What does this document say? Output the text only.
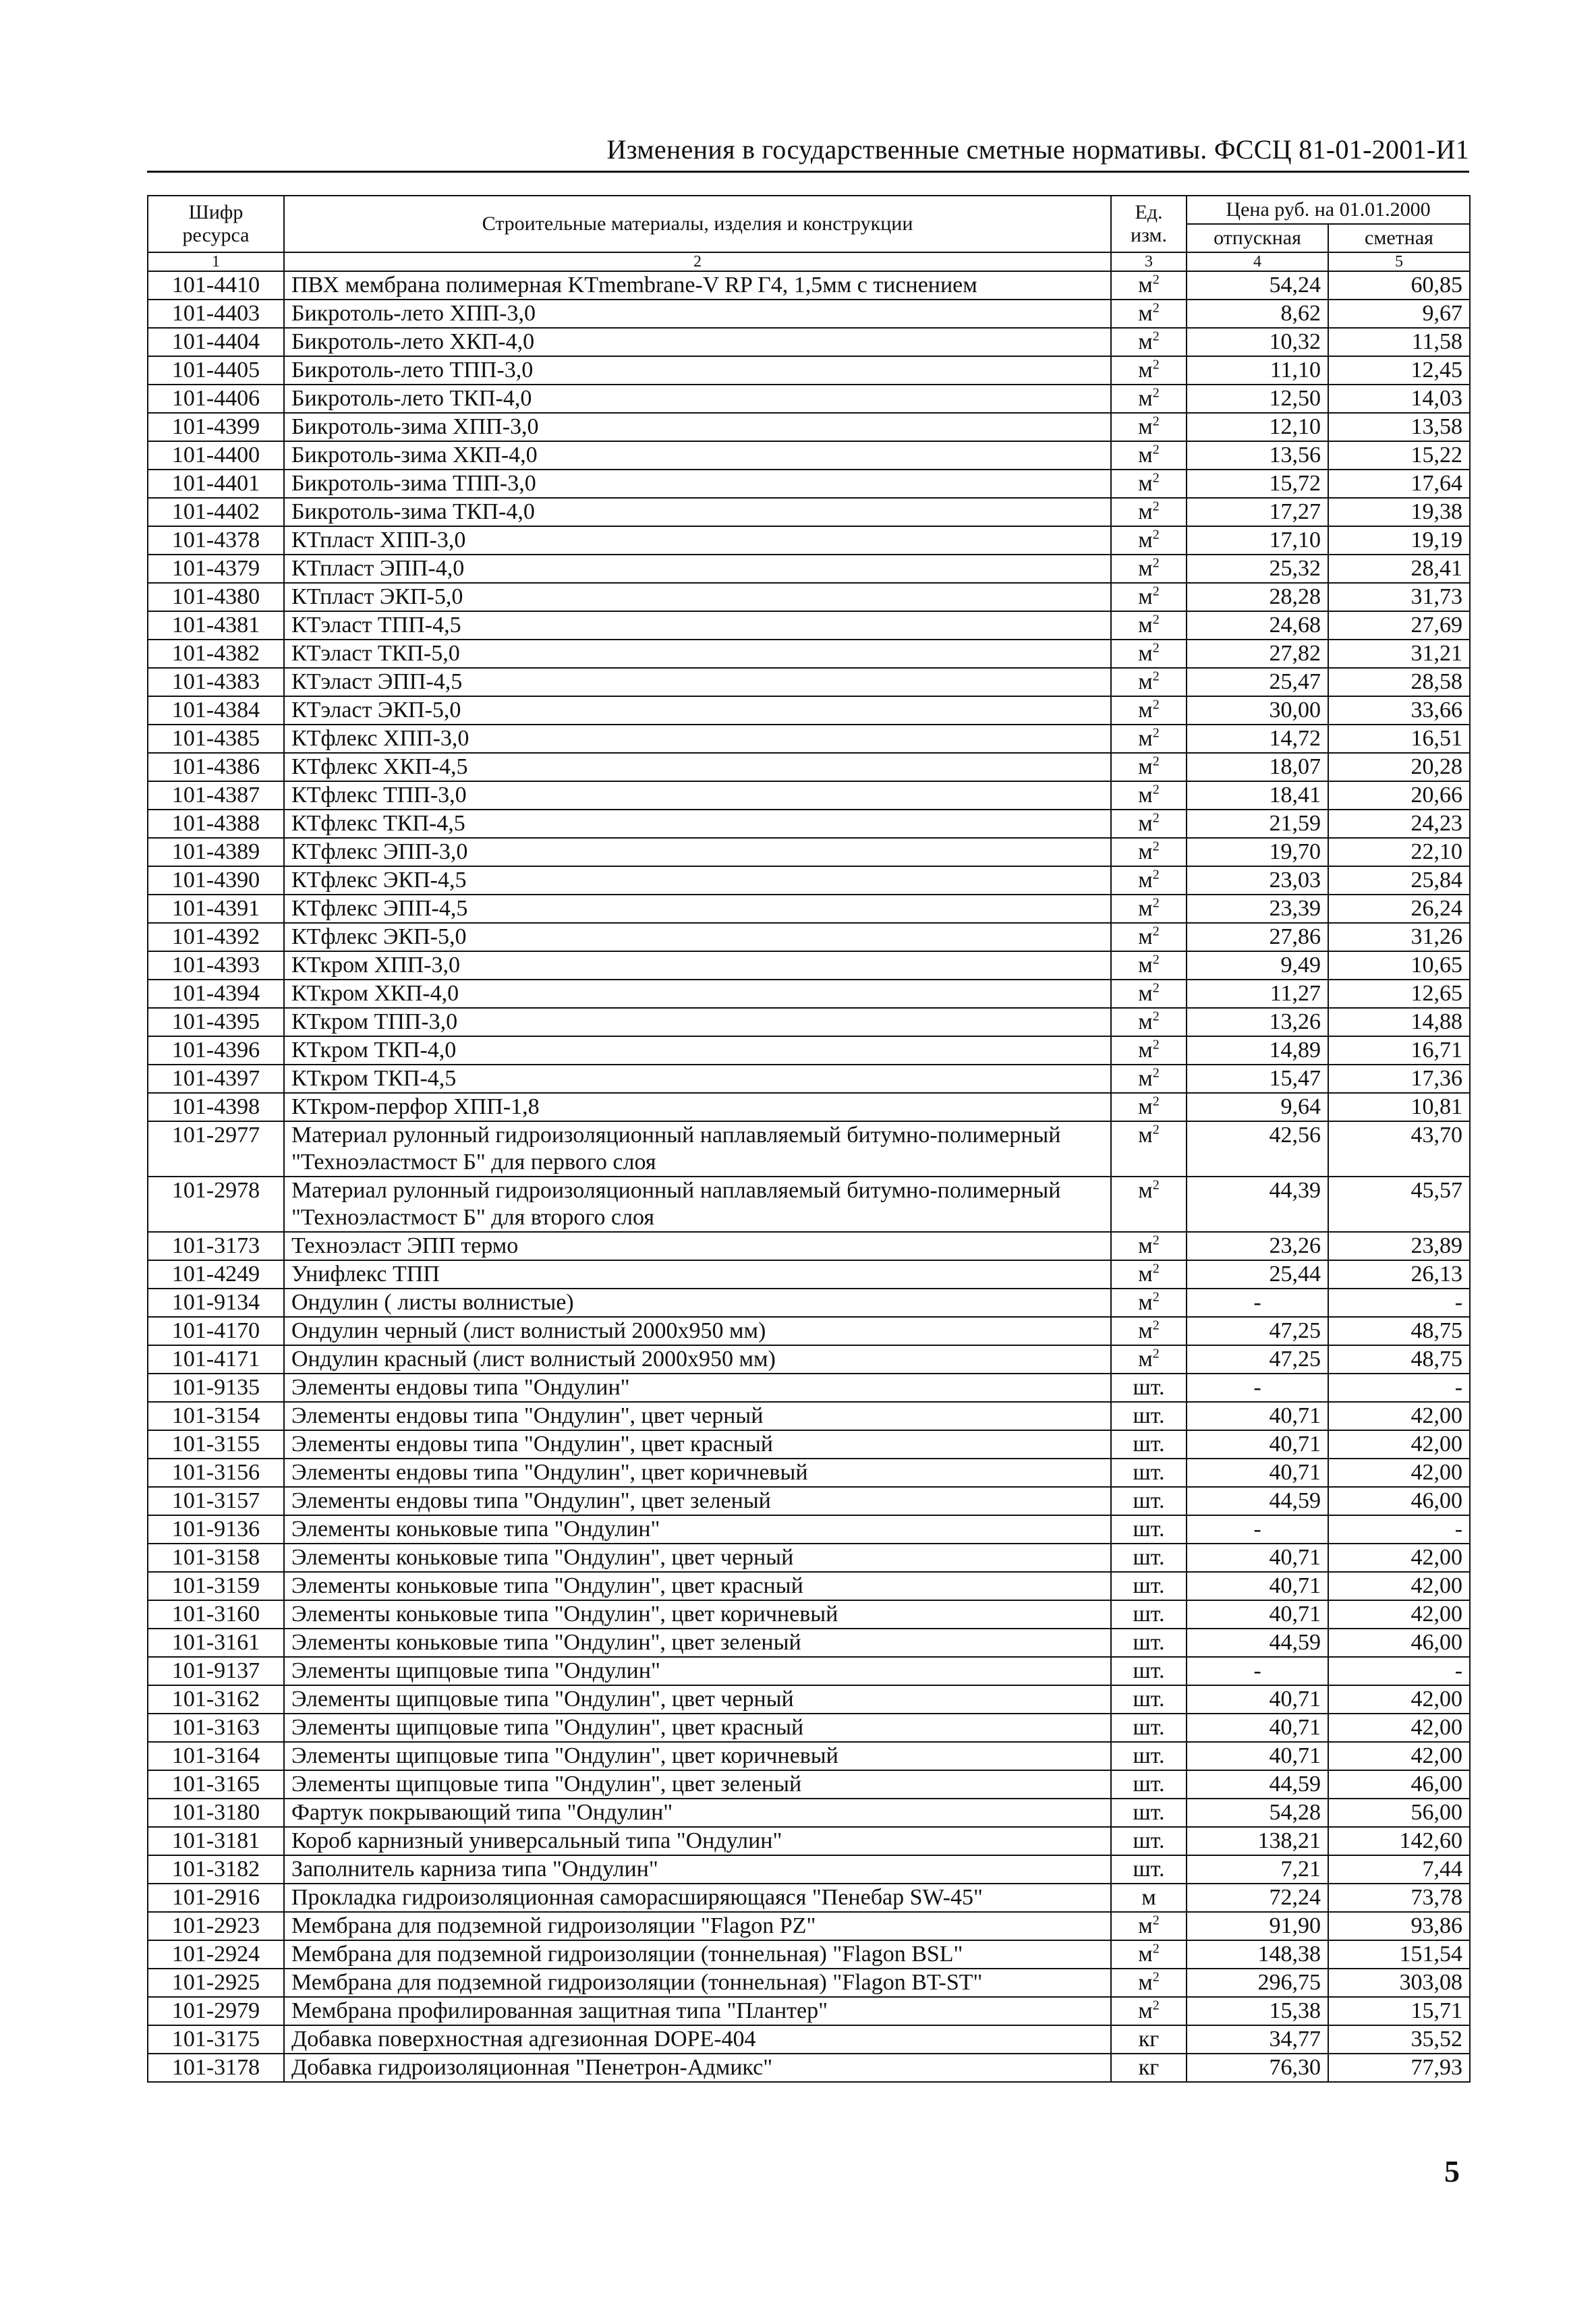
Изменения в государственные сметные нормативы. ФССЦ 81-01-2001-И1
Шифр ресурса	Строительные материалы, изделия и конструкции	Ед. изм.	Цена руб. на 01.01.2000	
			отпускная	сметная
1	2	3	4	5
101-4410	ПВХ мембрана полимерная KTmembrane-V RP Г4, 1,5мм с тиснением	$м^2$	54,24	60,85
101-4403	Бикротоль-лето ХПП-3,0	$м^2$	8,62	9,67
101-4404	Бикротоль-лето ХКП-4,0	$м^2$	10,32	11,58
101-4405	Бикротоль-лето ТПП-3,0	$м^2$	11,10	12,45
101-4406	Бикротоль-лето ТКП-4,0	$м^2$	12,50	14,03
101-4399	Бикротоль-зима ХПП-3,0	$м^2$	12,10	13,58
101-4400	Бикротоль-зима ХКП-4,0	$м^2$	13,56	15,22
101-4401	Бикротоль-зима ТПП-3,0	$м^2$	15,72	17,64
101-4402	Бикротоль-зима ТКП-4,0	$м^2$	17,27	19,38
101-4378	КТпласт ХПП-3,0	$м^2$	17,10	19,19
101-4379	КТпласт ЭПП-4,0	$м^2$	25,32	28,41
101-4380	КТпласт ЭКП-5,0	$м^2$	28,28	31,73
101-4381	КТэласт ТПП-4,5	$м^2$	24,68	27,69
101-4382	КТэласт ТКП-5,0	$м^2$	27,82	31,21
101-4383	КТэласт ЭПП-4,5	$м^2$	25,47	28,58
101-4384	КТэласт ЭКП-5,0	$м^2$	30,00	33,66
101-4385	КТфлекс ХПП-3,0	$м^2$	14,72	16,51
101-4386	КТфлекс ХКП-4,5	$м^2$	18,07	20,28
101-4387	КТфлекс ТПП-3,0	$м^2$	18,41	20,66
101-4388	КТфлекс ТКП-4,5	$м^2$	21,59	24,23
101-4389	КТфлекс ЭПП-3,0	$м^2$	19,70	22,10
101-4390	КТфлекс ЭКП-4,5	$м^2$	23,03	25,84
101-4391	КТфлекс ЭПП-4,5	$м^2$	23,39	26,24
101-4392	КТфлекс ЭКП-5,0	$м^2$	27,86	31,26
101-4393	КТкром ХПП-3,0	$м^2$	9,49	10,65
101-4394	КТкром ХКП-4,0	$м^2$	11,27	12,65
101-4395	КТкром ТПП-3,0	$м^2$	13,26	14,88
101-4396	КТкром ТКП-4,0	$м^2$	14,89	16,71
101-4397	КТкром ТКП-4,5	$м^2$	15,47	17,36
101-4398	КТкром-перфор ХПП-1,8	$м^2$	9,64	10,81
101-2977	Материал рулонный гидроизоляционный наплавляемый битумно-полимерный "Техноэластмост Б" для первого слоя	$м^2$	42,56	43,70
101-2978	Материал рулонный гидроизоляционный наплавляемый битумно-полимерный "Техноэластмост Б" для второго слоя	$м^2$	44,39	45,57
101-3173	Техноэласт ЭПП термо	$м^2$	23,26	23,89
101-4249	Унифлекс ТПП	$м^2$	25,44	26,13
101-9134	Ондулин ( листы волнистые)	$м^2$	-	-
101-4170	Ондулин черный (лист волнистый 2000х950 мм)	$м^2$	47,25	48,75
101-4171	Ондулин красный (лист волнистый 2000х950 мм)	$м^2$	47,25	48,75
101-9135	Элементы ендовы типа "Ондулин"	шт.	-	-
101-3154	Элементы ендовы типа "Ондулин", цвет черный	шт.	40,71	42,00
101-3155	Элементы ендовы типа "Ондулин", цвет красный	шт.	40,71	42,00
101-3156	Элементы ендовы типа "Ондулин", цвет коричневый	шт.	40,71	42,00
101-3157	Элементы ендовы типа "Ондулин", цвет зеленый	шт.	44,59	46,00
101-9136	Элементы коньковые типа "Ондулин"	шт.	-	-
101-3158	Элементы коньковые типа "Ондулин", цвет черный	шт.	40,71	42,00
101-3159	Элементы коньковые типа "Ондулин", цвет красный	шт.	40,71	42,00
101-3160	Элементы коньковые типа "Ондулин", цвет коричневый	шт.	40,71	42,00
101-3161	Элементы коньковые типа "Ондулин", цвет зеленый	шт.	44,59	46,00
101-9137	Элементы щипцовые типа "Ондулин"	шт.	-	-
101-3162	Элементы щипцовые типа "Ондулин", цвет черный	шт.	40,71	42,00
101-3163	Элементы щипцовые типа "Ондулин", цвет красный	шт.	40,71	42,00
101-3164	Элементы щипцовые типа "Ондулин", цвет коричневый	шт.	40,71	42,00
101-3165	Элементы щипцовые типа "Ондулин", цвет зеленый	шт.	44,59	46,00
101-3180	Фартук покрывающий типа "Ондулин"	шт.	54,28	56,00
101-3181	Короб карнизный универсальный типа "Ондулин"	шт.	138,21	142,60
101-3182	Заполнитель карниза типа "Ондулин"	шт.	7,21	7,44
101-2916	Прокладка гидроизоляционная саморасширяющаяся "Пенебар SW-45"	м	72,24	73,78
101-2923	Мембрана для подземной гидроизоляции "Flagon PZ"	$м^2$	91,90	93,86
101-2924	Мембрана для подземной гидроизоляции (тоннельная) "Flagon BSL"	$м^2$	148,38	151,54
101-2925	Мембрана для подземной гидроизоляции (тоннельная) "Flagon BT-ST"	$м^2$	296,75	303,08
101-2979	Мембрана профилированная защитная типа "Плантер"	$м^2$	15,38	15,71
101-3175	Добавка поверхностная адгезионная DOPE-404	кг	34,77	35,52
101-3178	Добавка гидроизоляционная "Пенетрон-Адмикс"	кг	76,30	77,93
5
